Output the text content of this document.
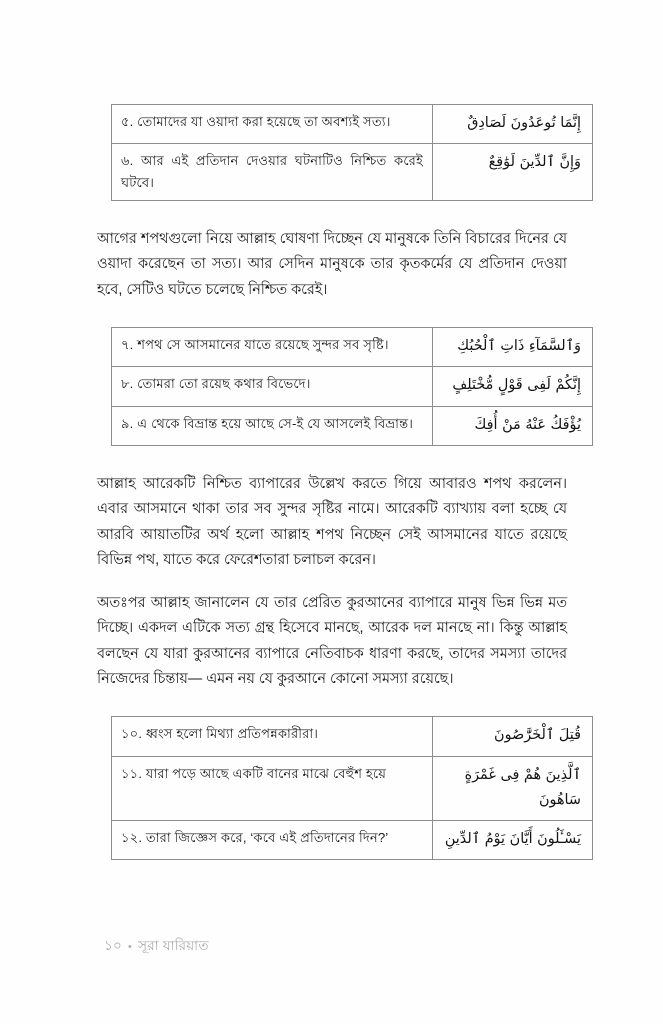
৫. তোমাদের যা ওয়াদা করা হয়েছে তা অবশ্যই সত্য।	إِنَّمَا تُوعَدُونَ لَصَادِقٌ
৬. আর এই প্রতিদান দেওয়ার ঘটনাটিও নিশ্চিত করেই ঘটবে।	وَإِنَّ ٱلدِّينَ لَوَٰقِعٌ

আগের শপথগুলো নিয়ে আল্লাহ ঘোষণা দিচ্ছেন যে মানুষকে তিনি বিচারের দিনের যে ওয়াদা করেছেন তা সত্য। আর সেদিন মানুষকে তার কৃতকর্মের যে প্রতিদান দেওয়া হবে, সেটিও ঘটতে চলেছে নিশ্চিত করেই।

৭. শপথ সে আসমানের যাতে রয়েছে সুন্দর সব সৃষ্টি।	وَٱلسَّمَآءِ ذَاتِ ٱلْحُبُكِ
৮. তোমরা তো রয়েছ কথার বিভেদে।	إِنَّكُمْ لَفِى قَوْلٍ مُّخْتَلِفٍ
৯. এ থেকে বিভ্রান্ত হয়ে আছে সে-ই যে আসলেই বিভ্রান্ত।	يُؤْفَكُ عَنْهُ مَنْ أُفِكَ

আল্লাহ আরেকটি নিশ্চিত ব্যাপারের উল্লেখ করতে গিয়ে আবারও শপথ করলেন। এবার আসমানে থাকা তার সব সুন্দর সৃষ্টির নামে। আরেকটি ব্যাখ্যায় বলা হচ্ছে যে আরবি আয়াতটির অর্থ হলো আল্লাহ শপথ নিচ্ছেন সেই আসমানের যাতে রয়েছে বিভিন্ন পথ, যাতে করে ফেরেশতারা চলাচল করেন।

অতঃপর আল্লাহ জানালেন যে তার প্রেরিত কুরআনের ব্যাপারে মানুষ ভিন্ন ভিন্ন মত দিচ্ছে। একদল এটিকে সত্য গ্রন্থ হিসেবে মানছে, আরেক দল মানছে না। কিন্তু আল্লাহ বলছেন যে যারা কুরআনের ব্যাপারে নেতিবাচক ধারণা করছে, তাদের সমস্যা তাদের নিজেদের চিন্তায়— এমন নয় যে কুরআনে কোনো সমস্যা রয়েছে।

১০. ধ্বংস হলো মিথ্যা প্রতিপন্নকারীরা।	قُتِلَ ٱلْخَرَّٰصُونَ
১১. যারা পড়ে আছে একটি বানের মাঝে বেহুঁশ হয়ে	ٱلَّذِينَ هُمْ فِى غَمْرَةٍ سَاهُونَ
১২. তারা জিজ্ঞেস করে, ‘কবে এই প্রতিদানের দিন?’	يَسْـَٔلُونَ أَيَّانَ يَوْمُ ٱلدِّينِ
১০ • সূরা যারিয়াত
